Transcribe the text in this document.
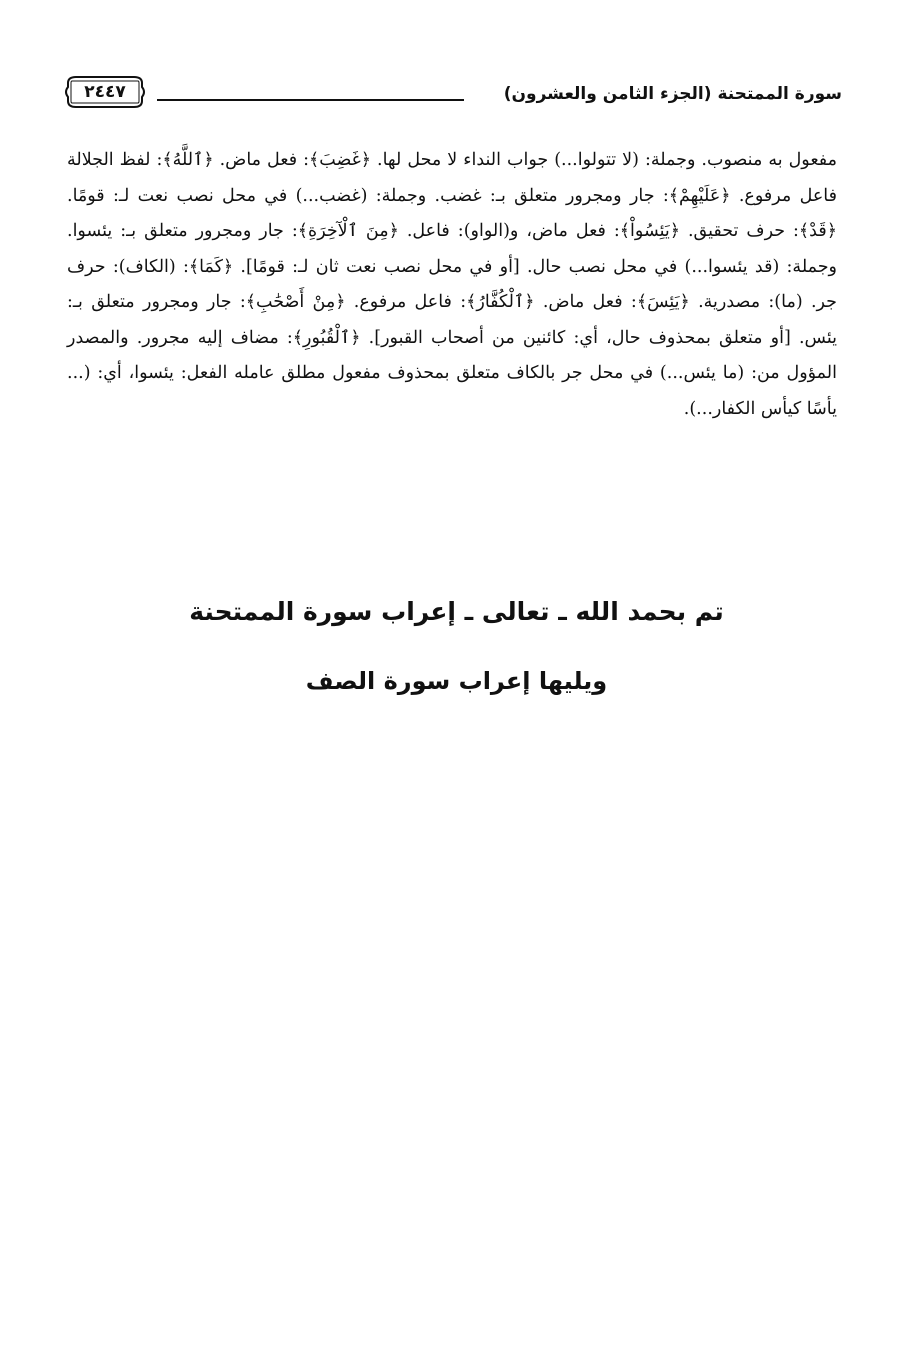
سورة الممتحنة (الجزء الثامن والعشرون)
٢٤٤٧

مفعول به منصوب. وجملة: (لا تتولوا...) جواب النداء لا محل لها. ﴿غَضِبَ﴾: فعل ماض. ﴿ٱللَّهُ﴾: لفظ الجلالة فاعل مرفوع. ﴿عَلَيْهِمْ﴾: جار ومجرور متعلق بـ: غضب. وجملة: (غضب...) في محل نصب نعت لـ: قومًا. ﴿قَدْ﴾: حرف تحقيق. ﴿يَئِسُواْ﴾: فعل ماض، و(الواو): فاعل. ﴿مِنَ ٱلْآخِرَةِ﴾: جار ومجرور متعلق بـ: يئسوا. وجملة: (قد يئسوا...) في محل نصب حال. [أو في محل نصب نعت ثان لـ: قومًا]. ﴿كَمَا﴾: (الكاف): حرف جر. (ما): مصدرية. ﴿يَئِسَ﴾: فعل ماض. ﴿ٱلْكُفَّارُ﴾: فاعل مرفوع. ﴿مِنْ أَصْحَٰبِ﴾: جار ومجرور متعلق بـ: يئس. [أو متعلق بمحذوف حال، أي: كائنين من أصحاب القبور]. ﴿ٱلْقُبُورِ﴾: مضاف إليه مجرور. والمصدر المؤول من: (ما يئس...) في محل جر بالكاف متعلق بمحذوف مفعول مطلق عامله الفعل: يئسوا، أي: (... يأسًا كيأس الكفار...).

تم بحمد الله ـ تعالى ـ إعراب سورة الممتحنة
ويليها إعراب سورة الصف
